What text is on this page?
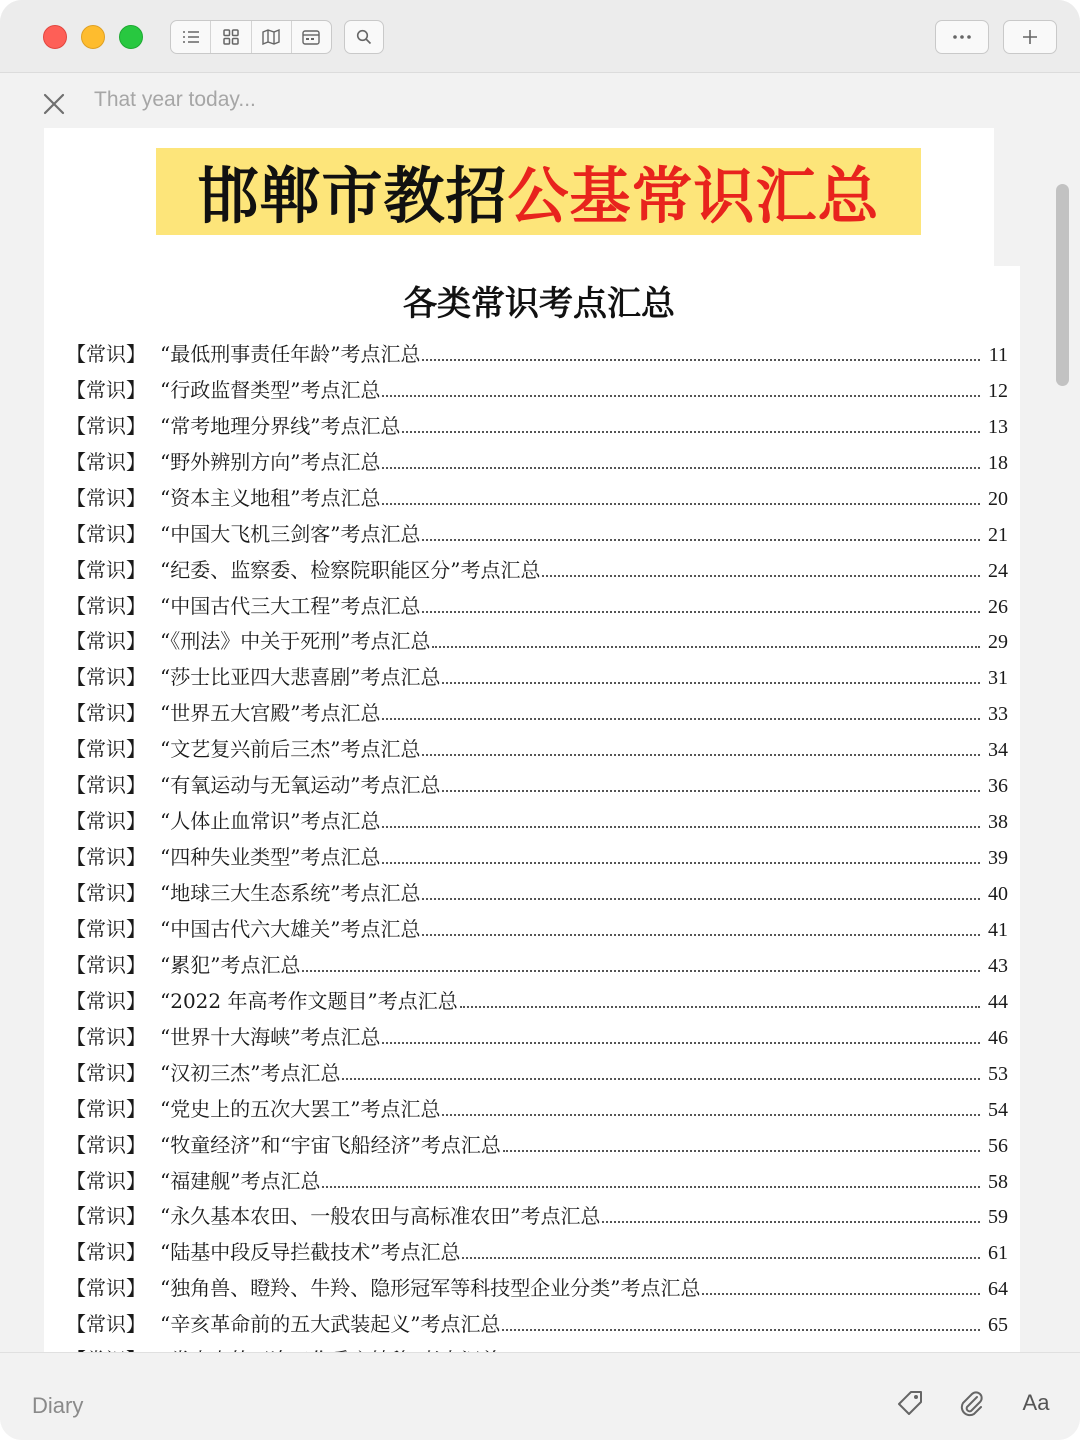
That year today...
邯郸市教招 公基常识汇总
各类常识考点汇总
【常识】 “最低刑事责任年龄”考点汇总	11
【常识】 “行政监督类型”考点汇总	12
【常识】 “常考地理分界线”考点汇总	13
【常识】 “野外辨别方向”考点汇总	18
【常识】 “资本主义地租”考点汇总	20
【常识】 “中国大飞机三剑客”考点汇总	21
【常识】 “纪委、监察委、检察院职能区分”考点汇总	24
【常识】 “中国古代三大工程”考点汇总	26
【常识】 “《刑法》中关于死刑”考点汇总	29
【常识】 “莎士比亚四大悲喜剧”考点汇总	31
【常识】 “世界五大宫殿”考点汇总	33
【常识】 “文艺复兴前后三杰”考点汇总	34
【常识】 “有氧运动与无氧运动”考点汇总	36
【常识】 “人体止血常识”考点汇总	38
【常识】 “四种失业类型”考点汇总	39
【常识】 “地球三大生态系统”考点汇总	40
【常识】 “中国古代六大雄关”考点汇总	41
【常识】 “累犯”考点汇总	43
【常识】 “2022 年高考作文题目”考点汇总	44
【常识】 “世界十大海峡”考点汇总	46
【常识】 “汉初三杰”考点汇总	53
【常识】 “党史上的五次大罢工”考点汇总	54
【常识】 “牧童经济”和“宇宙飞船经济”考点汇总	56
【常识】 “福建舰”考点汇总	58
【常识】 “永久基本农田、一般农田与高标准农田”考点汇总	59
【常识】 “陆基中段反导拦截技术”考点汇总	61
【常识】 “独角兽、瞪羚、牛羚、隐形冠军等科技型企业分类”考点汇总	64
【常识】 “辛亥革命前的五大武装起义”考点汇总	65
Diary	Aa
